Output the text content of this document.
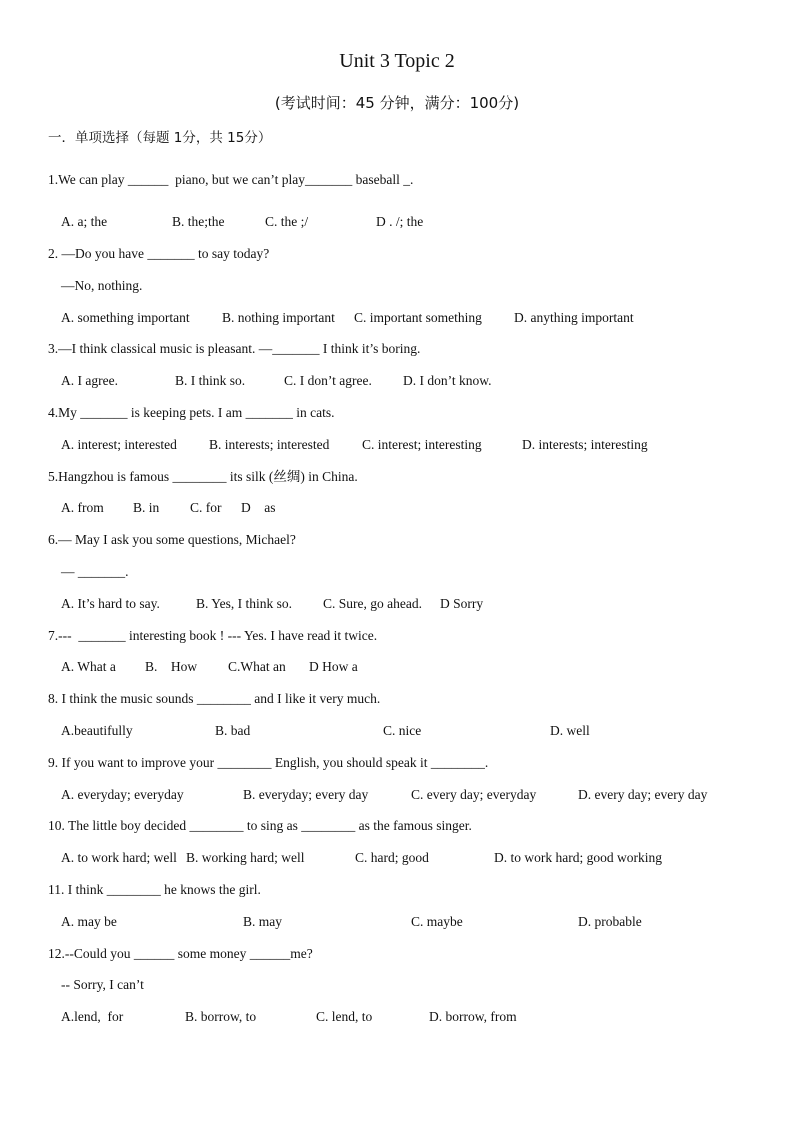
Unit 3 Topic 2
(考试时间：45 分钟，满分：100分)
一．单项选择（每题 1分，共 15分）
1.We can play ______  piano, but we can’t play_______ baseball _.
A. a; the	B. the;the	C. the ;/	D . /; the
2. —Do you have _______ to say today?
—No, nothing.
A. something important B. nothing important C. important something D. anything important
3.—I think classical music is pleasant. —_______ I think it’s boring.
A. I agree.	B. I think so.	C. I don’t agree. D. I don’t know.
4.My _______ is keeping pets. I am _______ in cats.
A. interest; interested B. interests; interested C. interest; interesting	D. interests; interesting
5.Hangzhou is famous ________ its silk (丝绸) in China.
A. from B. in C. for D    as
6.— May I ask you some questions, Michael?
— _______.
A. It’s hard to say.	B. Yes, I think so. C. Sure, go ahead. D Sorry
7.---  _______ interesting book ! --- Yes. I have read it twice.
A. What a B.    How C.What an D How a
8. I think the music sounds ________ and I like it very much.
A.beautifully	B. bad	C. nice	D. well
9. If you want to improve your ________ English, you should speak it ________.
A. everyday; everyday	B. everyday; every day	C. every day; everyday	D. every day; every day
10. The little boy decided ________ to sing as ________ as the famous singer.
A. to work hard; well B. working hard; well	C. hard; good	D. to work hard; good working
11. I think ________ he knows the girl.
A. may be	B. may	C. maybe	D. probable
12.--Could you ______ some money ______me?
-- Sorry, I can’t
A.lend,  for	B. borrow, to	C. lend, to	D. borrow, from
